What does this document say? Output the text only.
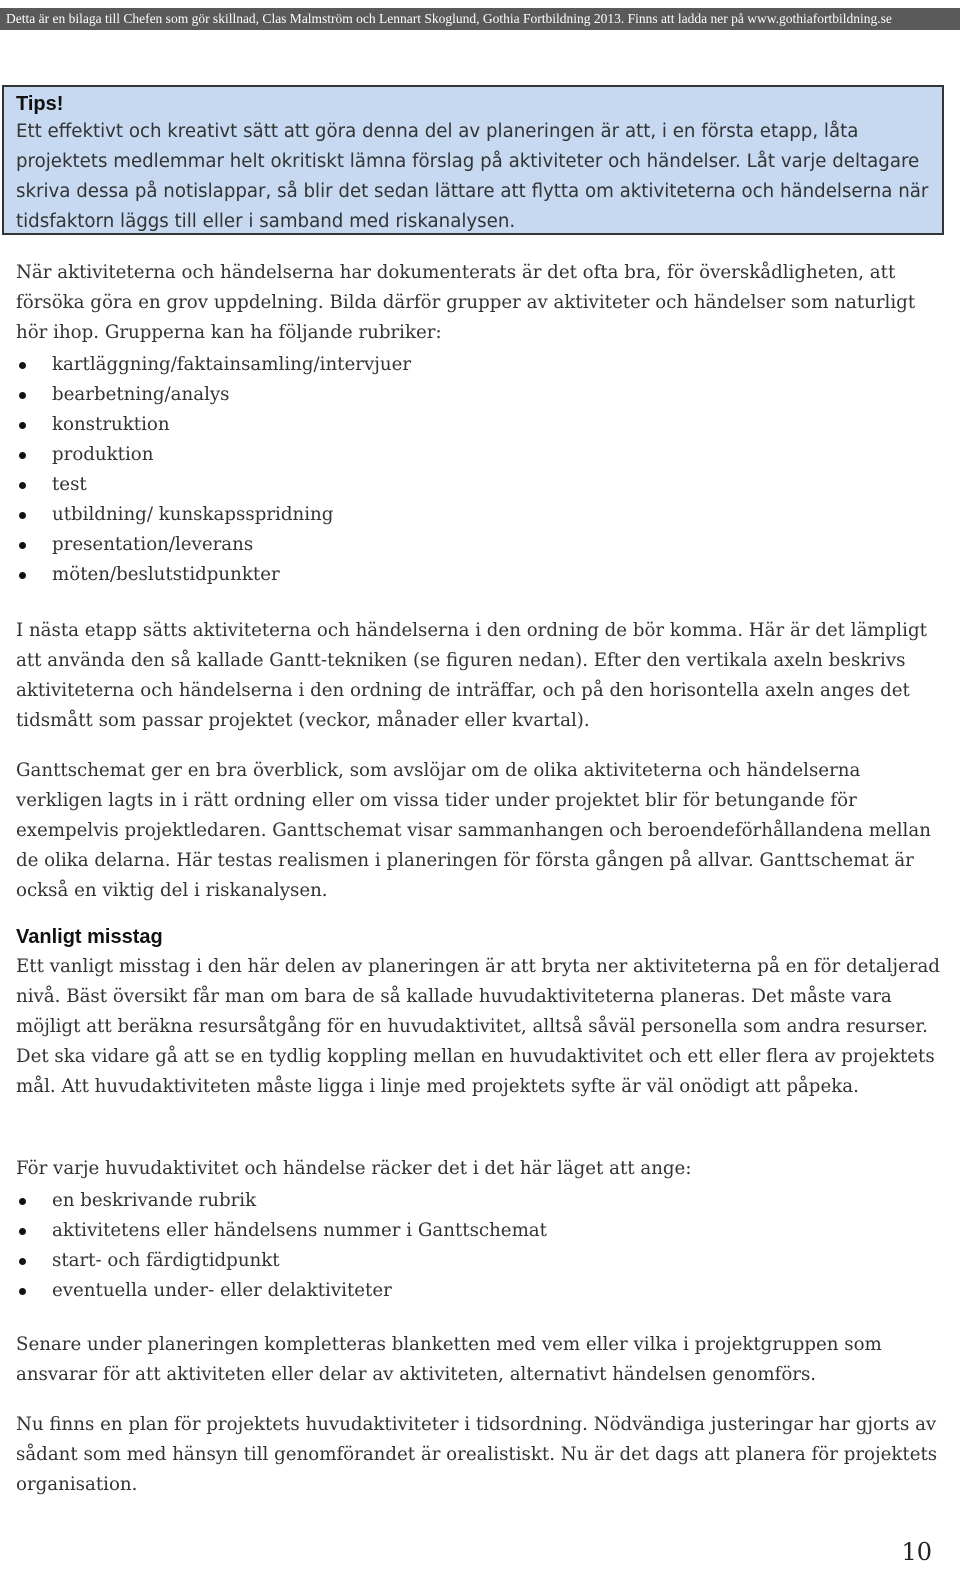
Detta är en bilaga till Chefen som gör skillnad, Clas Malmström och Lennart Skoglund, Gothia Fortbildning 2013. Finns att ladda ner på www.gothiafortbildning.se
Tips!
Ett effektivt och kreativt sätt att göra denna del av planeringen är att, i en första etapp, låta projektets medlemmar helt okritiskt lämna förslag på aktiviteter och händelser. Låt varje deltagare skriva dessa på notislappar, så blir det sedan lättare att flytta om aktiviteterna och händelserna när tidsfaktorn läggs till eller i samband med riskanalysen.

När aktiviteterna och händelserna har dokumenterats är det ofta bra, för överskådligheten, att försöka göra en grov uppdelning. Bilda därför grupper av aktiviteter och händelser som naturligt hör ihop. Grupperna kan ha följande rubriker:

kartläggning/faktainsamling/intervjuer
bearbetning/analys
konstruktion
produktion
test
utbildning/ kunskapsspridning
presentation/leverans
möten/beslutstidpunkter

I nästa etapp sätts aktiviteterna och händelserna i den ordning de bör komma. Här är det lämpligt att använda den så kallade Gantt-tekniken (se figuren nedan). Efter den vertikala axeln beskrivs aktiviteterna och händelserna i den ordning de inträffar, och på den horisontella axeln anges det tidsmått som passar projektet (veckor, månader eller kvartal).

Ganttschemat ger en bra överblick, som avslöjar om de olika aktiviteterna och händelserna verkligen lagts in i rätt ordning eller om vissa tider under projektet blir för betungande för exempelvis projektledaren. Ganttschemat visar sammanhangen och beroendeförhållandena mellan de olika delarna. Här testas realismen i planeringen för första gången på allvar. Ganttschemat är också en viktig del i riskanalysen.

Vanligt misstag

Ett vanligt misstag i den här delen av planeringen är att bryta ner aktiviteterna på en för detaljerad nivå. Bäst översikt får man om bara de så kallade huvudaktiviteterna planeras. Det måste vara möjligt att beräkna resursåtgång för en huvudaktivitet, alltså såväl personella som andra resurser. Det ska vidare gå att se en tydlig koppling mellan en huvudaktivitet och ett eller flera av projektets mål. Att huvudaktiviteten måste ligga i linje med projektets syfte är väl onödigt att påpeka.

För varje huvudaktivitet och händelse räcker det i det här läget att ange:

en beskrivande rubrik
aktivitetens eller händelsens nummer i Ganttschemat
start- och färdigtidpunkt
eventuella under- eller delaktiviteter

Senare under planeringen kompletteras blanketten med vem eller vilka i projektgruppen som ansvarar för att aktiviteten eller delar av aktiviteten, alternativt händelsen genomförs.

Nu finns en plan för projektets huvudaktiviteter i tidsordning. Nödvändiga justeringar har gjorts av sådant som med hänsyn till genomförandet är orealistiskt. Nu är det dags att planera för projektets organisation.

10
